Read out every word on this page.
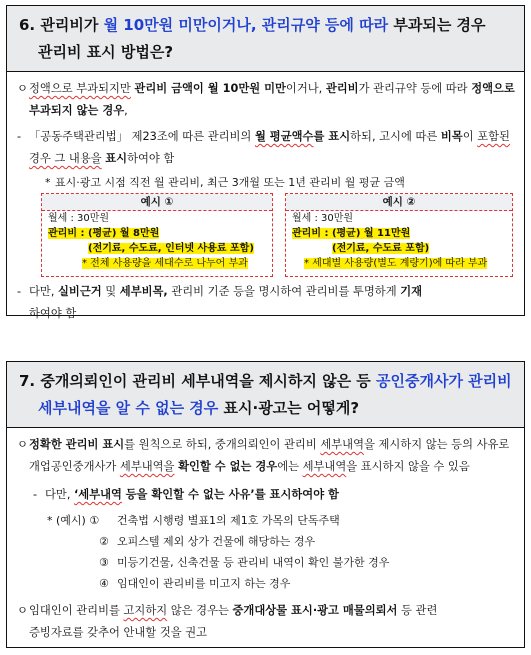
6. 관리비가 월 10만원 미만이거나, 관리규약 등에 따라 부과되는 경우
관리비 표시 방법은?
ㅇ 정액으로 부과되지만 관리비 금액이 월 10만원 미만이거나, 관리비가 관리규약 등에 따라 정액으로 부과되지 않는 경우,
- 「공동주택관리법」 제23조에 따른 관리비의 월 평균액수를 표시하되, 고시에 따른 비목이 포함된 경우 그 내용을 표시하여야 함
* 표시·광고 시점 직전 월 관리비, 최근 3개월 또는 1년 관리비 월 평균 금액
예시 ①
월세 : 30만원
관리비 : (평균) 월 8만원
(전기료, 수도료, 인터넷 사용료 포함)
* 전체 사용량을 세대수로 나누어 부과
예시 ②
월세 : 30만원
관리비 : (평균) 월 11만원
(전기료, 수도료 포함)
* 세대별 사용량(별도 계량기)에 따라 부과
- 다만, 실비근거 및 세부비목, 관리비 기준 등을 명시하여 관리비를 투명하게 기재
하여야 함
7. 중개의뢰인이 관리비 세부내역을 제시하지 않은 등 공인중개사가 관리비
세부내역을 알 수 없는 경우 표시·광고는 어떻게?
ㅇ 정확한 관리비 표시를 원칙으로 하되, 중개의뢰인이 관리비 세부내역을 제시하지 않는 등의 사유로 개업공인중개사가 세부내역을 확인할 수 없는 경우에는 세부내역을 표시하지 않을 수 있음
- 다만, ‘세부내역 등을 확인할 수 없는 사유’를 표시하여야 함
* (예시) ① 건축법 시행령 별표1의 제1호 가목의 단독주택
② 오피스텔 제외 상가 건물에 해당하는 경우
③ 미등기건물, 신축건물 등 관리비 내역이 확인 불가한 경우
④ 임대인이 관리비를 미고지 하는 경우
ㅇ 임대인이 관리비를 고지하지 않은 경우는 중개대상물 표시·광고 매물의뢰서 등 관련
증빙자료를 갖추어 안내할 것을 권고
